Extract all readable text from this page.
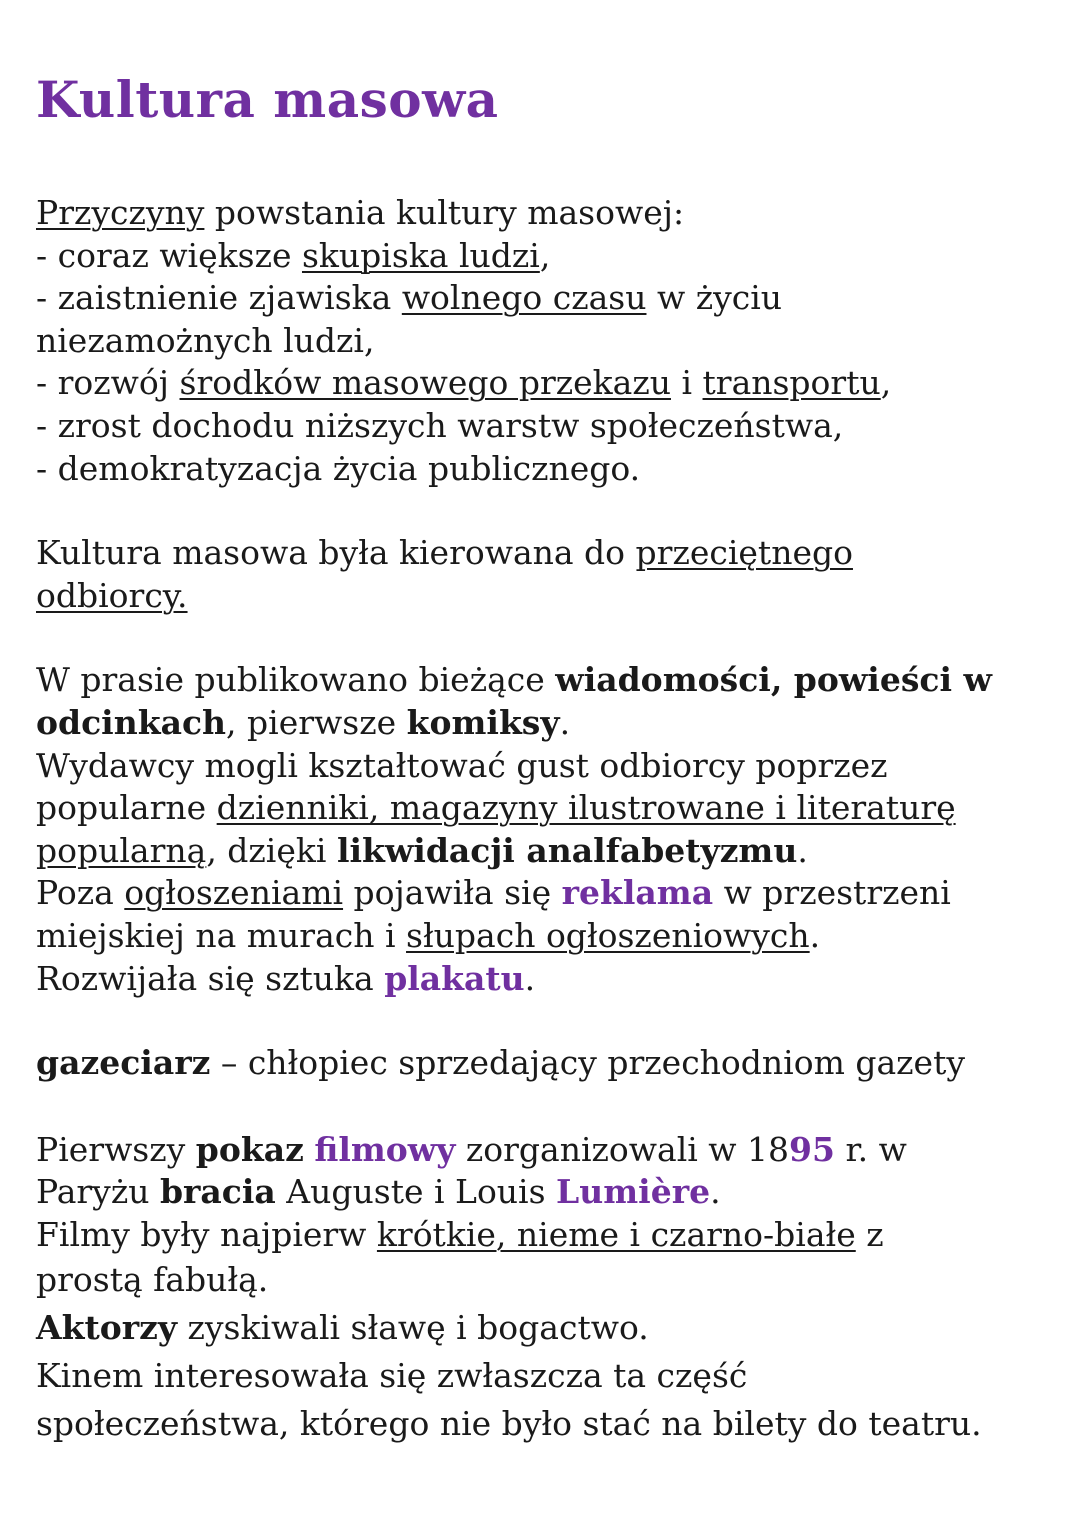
Kultura masowa
Przyczyny powstania kultury masowej:
- coraz większe skupiska ludzi,
- zaistnienie zjawiska wolnego czasu w życiu
niezamożnych ludzi,
- rozwój środków masowego przekazu i transportu,
- zrost dochodu niższych warstw społeczeństwa,
- demokratyzacja życia publicznego.
Kultura masowa była kierowana do przeciętnego
odbiorcy.
W prasie publikowano bieżące wiadomości, powieści w
odcinkach, pierwsze komiksy.
Wydawcy mogli kształtować gust odbiorcy poprzez
popularne dzienniki, magazyny ilustrowane i literaturę
popularną, dzięki likwidacji analfabetyzmu.
Poza ogłoszeniami pojawiła się reklama w przestrzeni
miejskiej na murach i słupach ogłoszeniowych.
Rozwijała się sztuka plakatu.
gazeciarz – chłopiec sprzedający przechodniom gazety
Pierwszy pokaz filmowy zorganizowali w 1895 r. w
Paryżu bracia Auguste i Louis Lumière.
Filmy były najpierw krótkie, nieme i czarno-białe z
prostą fabułą.
Aktorzy zyskiwali sławę i bogactwo.
Kinem interesowała się zwłaszcza ta część
społeczeństwa, którego nie było stać na bilety do teatru.
